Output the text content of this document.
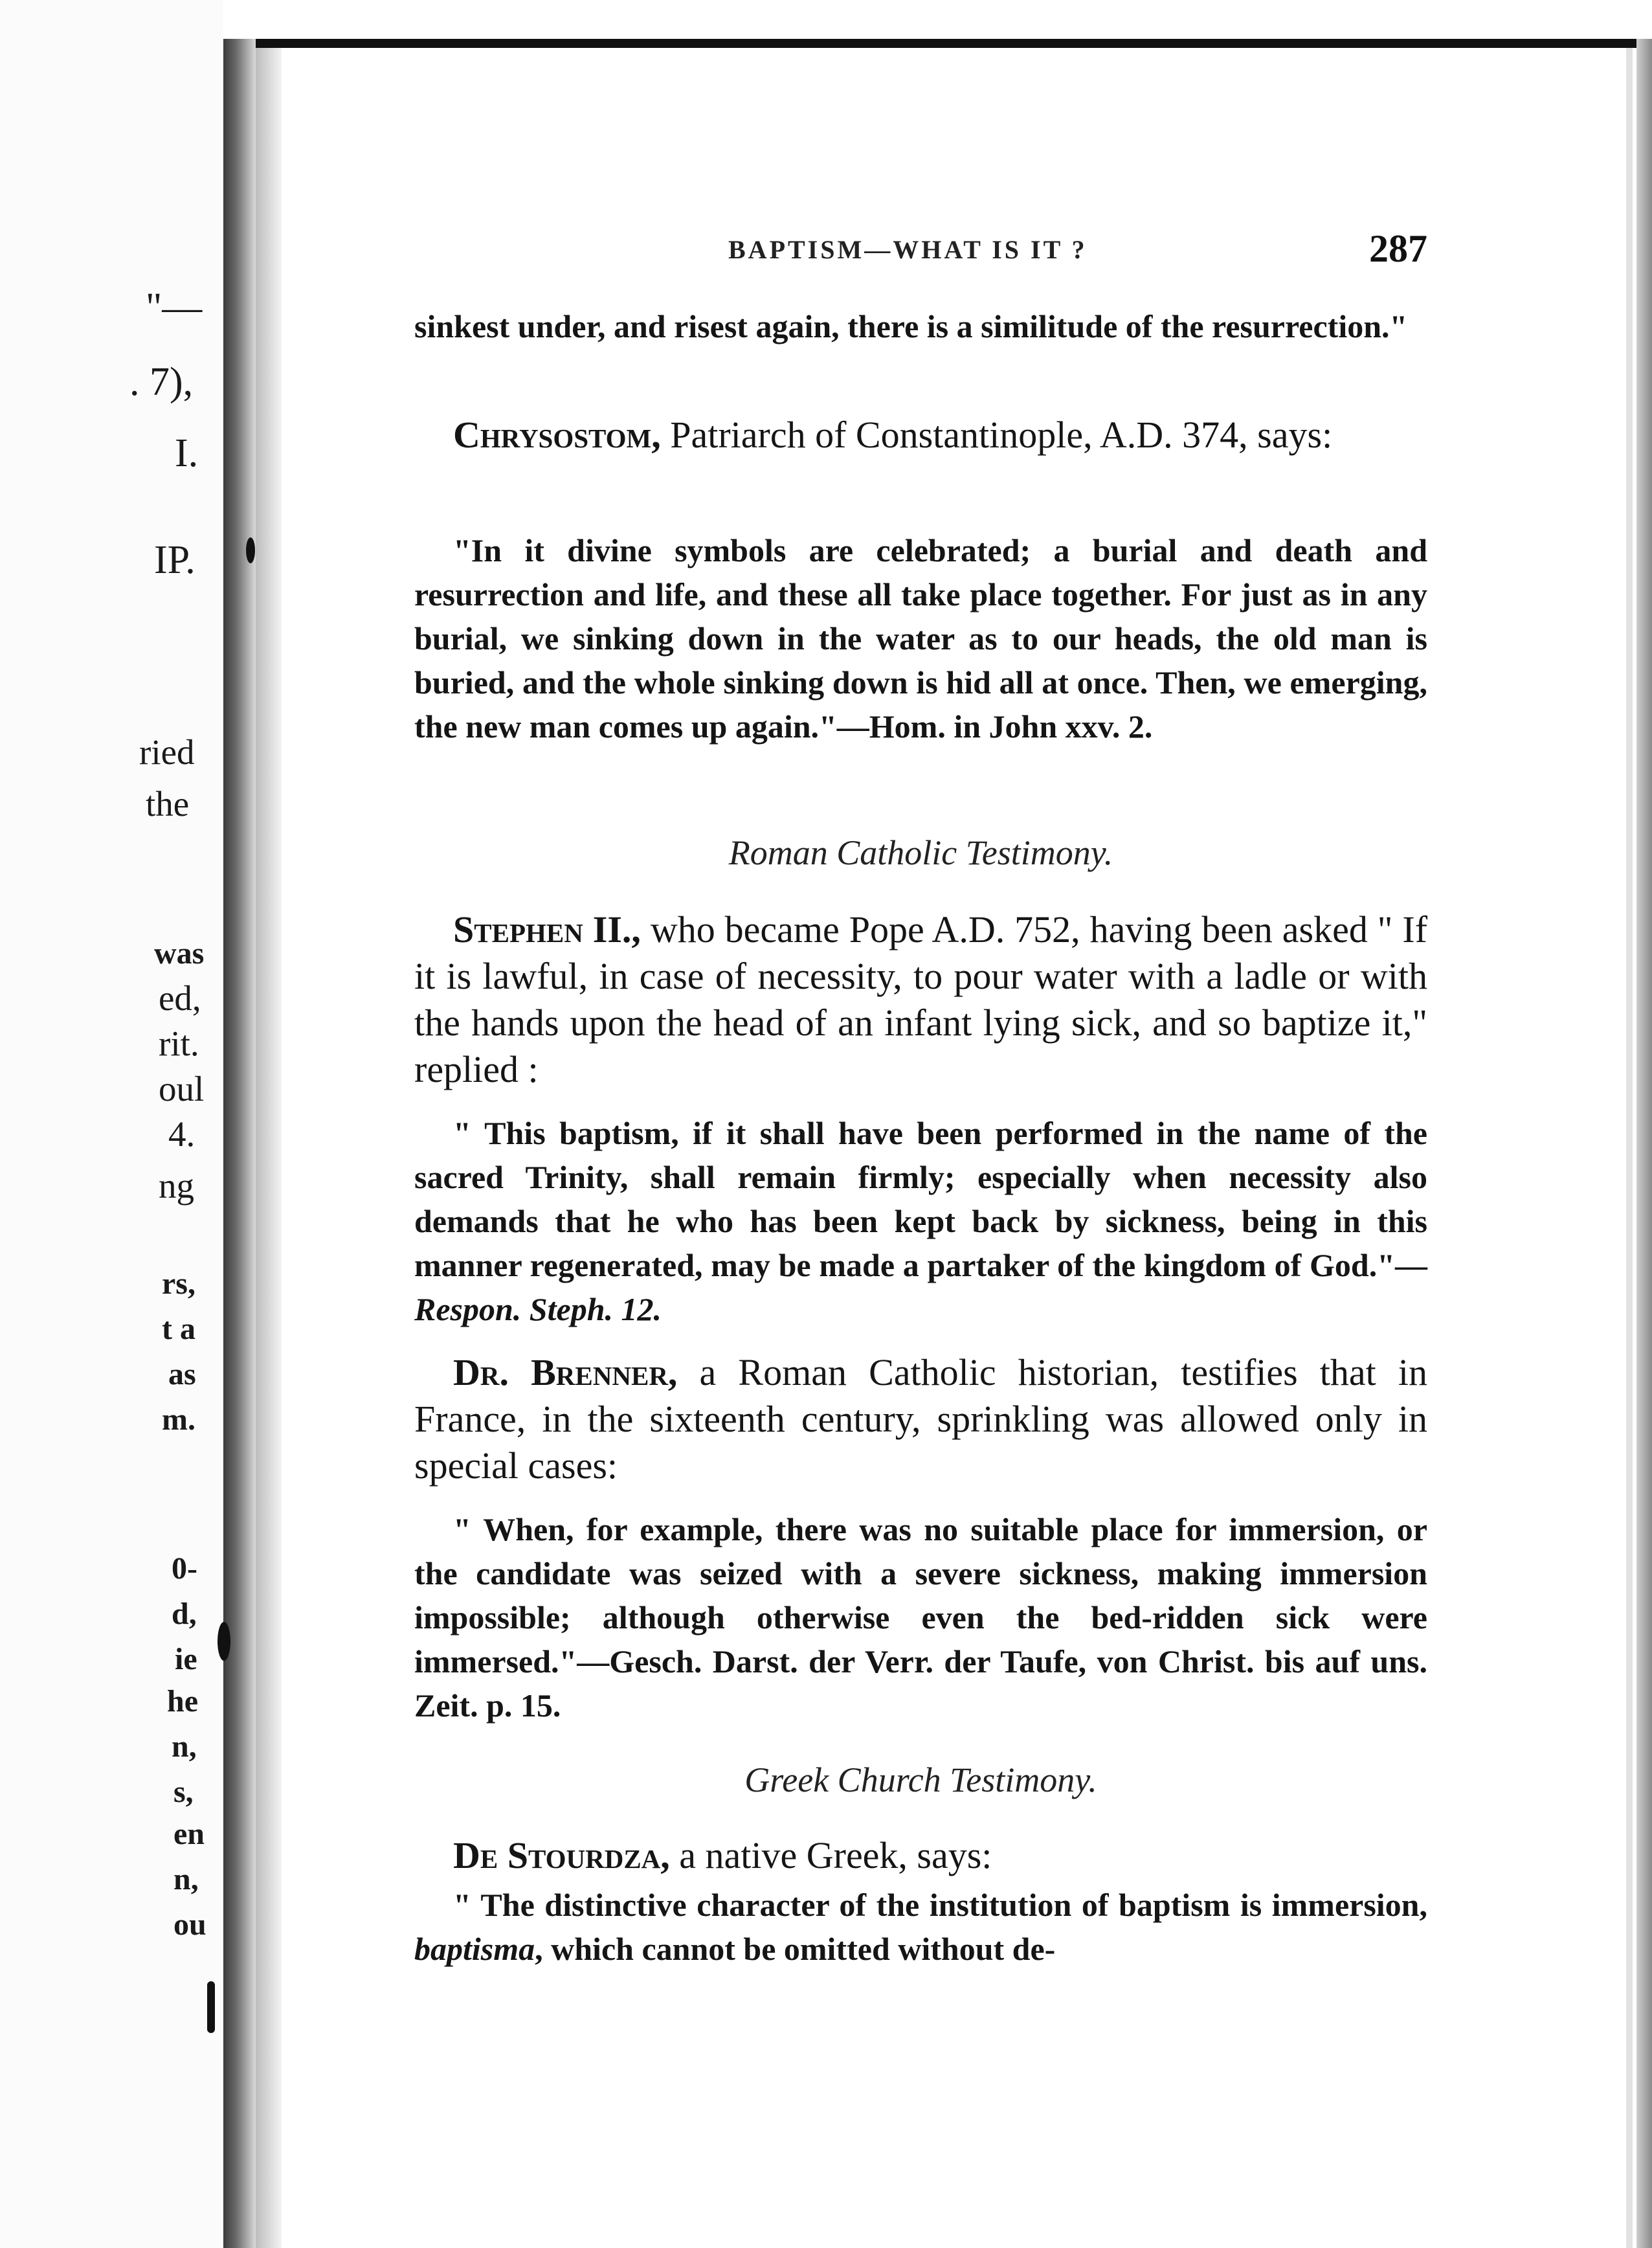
"—

. 7),

I.

IP.

ried

the

was

ed,

rit.

oul

4.

ng

rs,

t a

as

m.

0-

d,

ie

he

n,

s,

en

n,

ou

BAPTISM—WHAT IS IT ?	287

sinkest under, and risest again, there is a similitude of the resurrection."

Chrysostom, Patriarch of Constantinople, A.D. 374, says:

"In it divine symbols are celebrated; a burial and death and resurrection and life, and these all take place together. For just as in any burial, we sinking down in the water as to our heads, the old man is buried, and the whole sinking down is hid all at once. Then, we emerging, the new man comes up again."—Hom. in John xxv. 2.

Roman Catholic Testimony.

Stephen II., who became Pope A.D. 752, having been asked " If it is lawful, in case of necessity, to pour water with a ladle or with the hands upon the head of an infant lying sick, and so baptize it," replied :

" This baptism, if it shall have been performed in the name of the sacred Trinity, shall remain firmly; especially when necessity also demands that he who has been kept back by sickness, being in this manner regenerated, may be made a partaker of the kingdom of God."—Respon. Steph. 12.

Dr. Brenner, a Roman Catholic historian, testifies that in France, in the sixteenth century, sprinkling was allowed only in special cases:

" When, for example, there was no suitable place for immersion, or the candidate was seized with a severe sickness, making immersion impossible; although otherwise even the bed-ridden sick were immersed."—Gesch. Darst. der Verr. der Taufe, von Christ. bis auf uns. Zeit. p. 15.

Greek Church Testimony.

De Stourdza, a native Greek, says:

" The distinctive character of the institution of baptism is immersion, baptisma, which cannot be omitted without de-
